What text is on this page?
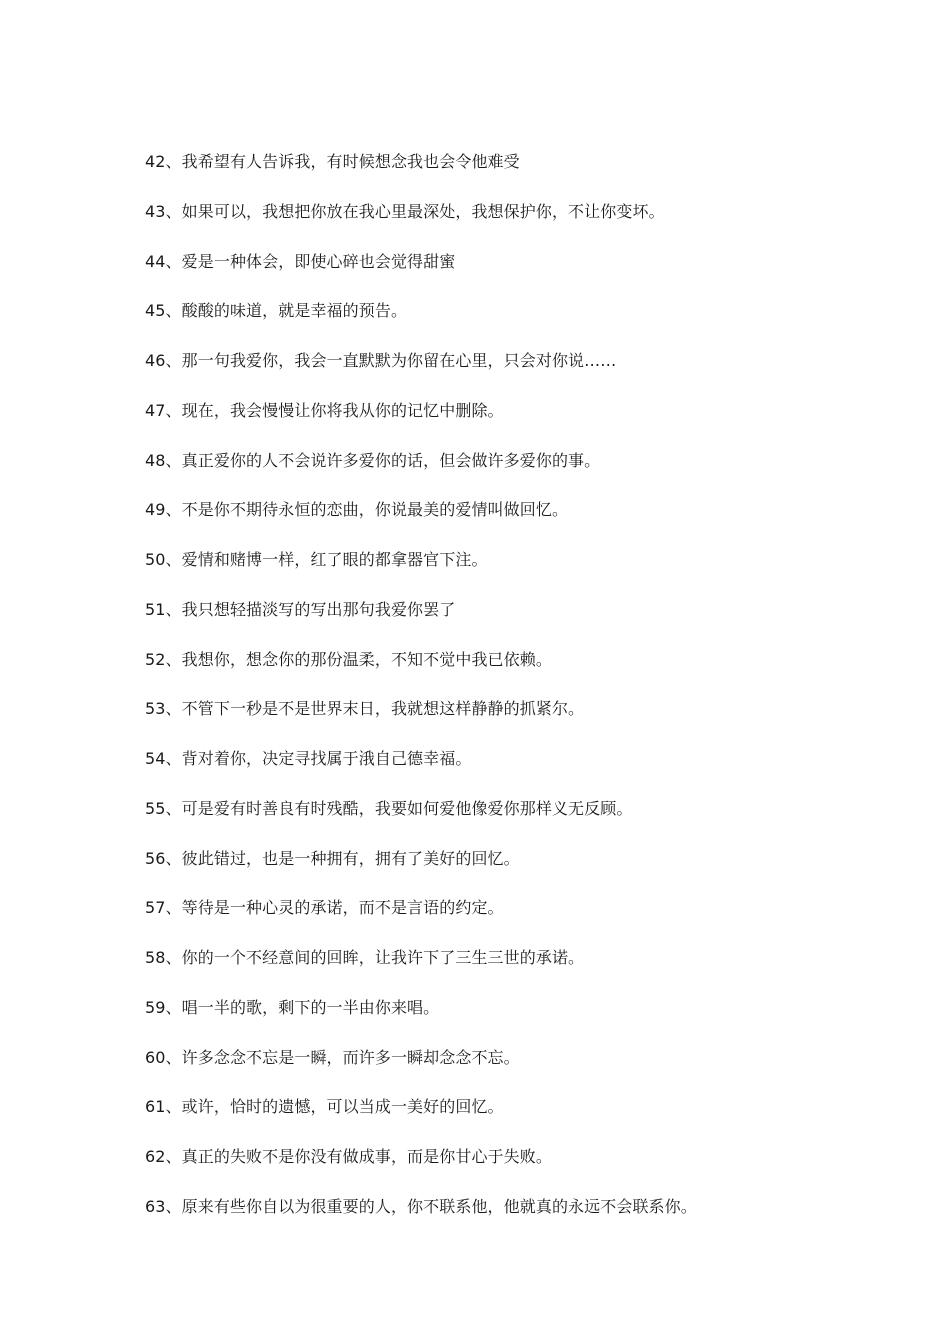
42、我希望有人告诉我，有时候想念我也会令他难受
43、如果可以，我想把你放在我心里最深处，我想保护你，不让你变坏。
44、爱是一种体会，即使心碎也会觉得甜蜜
45、酸酸的味道，就是幸福的预告。
46、那一句我爱你，我会一直默默为你留在心里，只会对你说……
47、现在，我会慢慢让你将我从你的记忆中删除。
48、真正爱你的人不会说许多爱你的话，但会做许多爱你的事。
49、不是你不期待永恒的恋曲，你说最美的爱情叫做回忆。
50、爱情和赌博一样，红了眼的都拿器官下注。
51、我只想轻描淡写的写出那句我爱你罢了
52、我想你，想念你的那份温柔，不知不觉中我已依赖。
53、不管下一秒是不是世界末日，我就想这样静静的抓紧尔。
54、背对着你，决定寻找属于涐自己德幸福。
55、可是爱有时善良有时残酷，我要如何爱他像爱你那样义无反顾。
56、彼此错过，也是一种拥有，拥有了美好的回忆。
57、等待是一种心灵的承诺，而不是言语的约定。
58、你的一个不经意间的回眸，让我许下了三生三世的承诺。
59、唱一半的歌，剩下的一半由你来唱。
60、许多念念不忘是一瞬，而许多一瞬却念念不忘。
61、或许，恰时的遗憾，可以当成一美好的回忆。
62、真正的失败不是你没有做成事，而是你甘心于失败。
63、原来有些你自以为很重要的人，你不联系他，他就真的永远不会联系你。
